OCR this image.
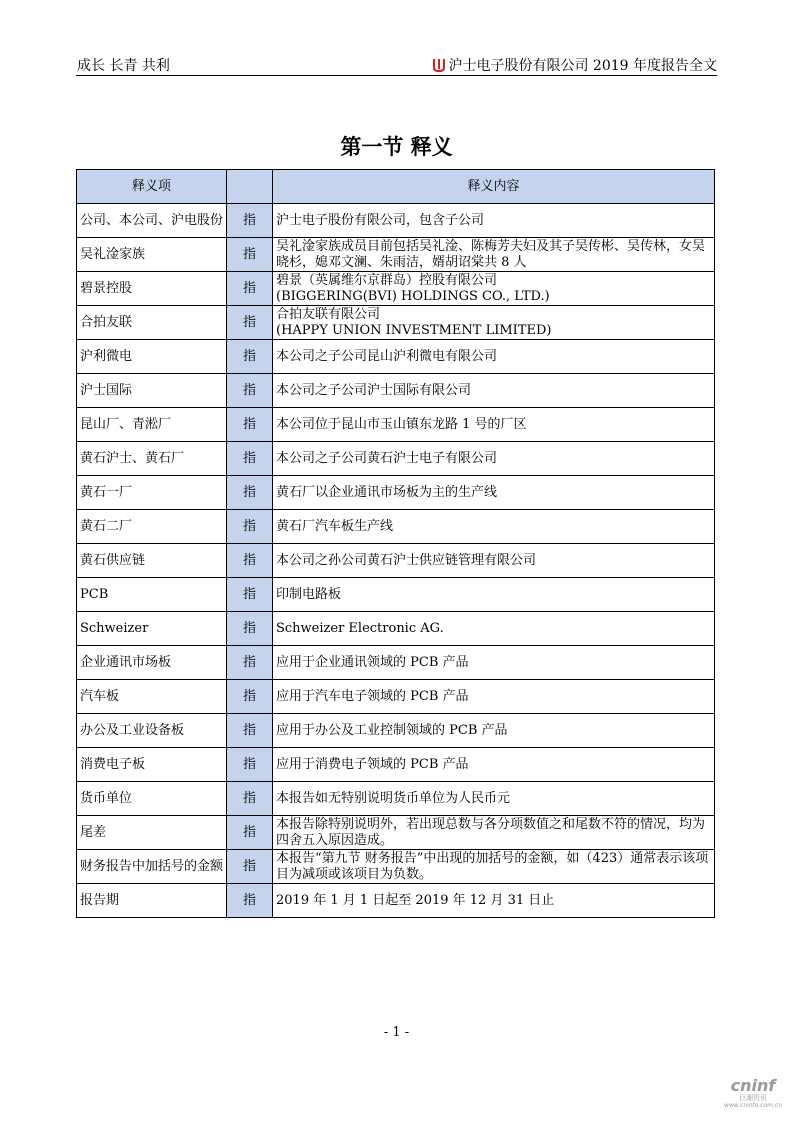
成长 长青 共利	沪士电子股份有限公司 2019 年度报告全文
第一节 释义
释义项		释义内容
公司、本公司、沪电股份	指	沪士电子股份有限公司，包含子公司

吴礼淦家族	指	吴礼淦家族成员目前包括吴礼淦、陈梅芳夫妇及其子吴传彬、吴传林，女吴晓杉，媳邓文澜、朱雨洁，婿胡诏棠共 8 人

碧景控股	指	碧景（英属维尔京群岛）控股有限公司
(BIGGERING(BVI) HOLDINGS CO., LTD.)

合拍友联	指	合拍友联有限公司
(HAPPY UNION INVESTMENT LIMITED)

沪利微电	指	本公司之子公司昆山沪利微电有限公司

沪士国际	指	本公司之子公司沪士国际有限公司

昆山厂、青淞厂	指	本公司位于昆山市玉山镇东龙路 1 号的厂区

黄石沪士、黄石厂	指	本公司之子公司黄石沪士电子有限公司

黄石一厂	指	黄石厂以企业通讯市场板为主的生产线

黄石二厂	指	黄石厂汽车板生产线

黄石供应链	指	本公司之孙公司黄石沪士供应链管理有限公司

PCB	指	印制电路板

Schweizer	指	Schweizer Electronic AG.

企业通讯市场板	指	应用于企业通讯领域的 PCB 产品

汽车板	指	应用于汽车电子领域的 PCB 产品

办公及工业设备板	指	应用于办公及工业控制领域的 PCB 产品

消费电子板	指	应用于消费电子领域的 PCB 产品

货币单位	指	本报告如无特别说明货币单位为人民币元

尾差	指	本报告除特别说明外，若出现总数与各分项数值之和尾数不符的情况，均为四舍五入原因造成。

财务报告中加括号的金额	指	本报告“第九节 财务报告”中出现的加括号的金额，如（423）通常表示该项目为减项或该项目为负数。

报告期	指	2019 年 1 月 1 日起至 2019 年 12 月 31 日止
- 1 -
cninf
巨潮资讯
www.cninfo.com.cn
